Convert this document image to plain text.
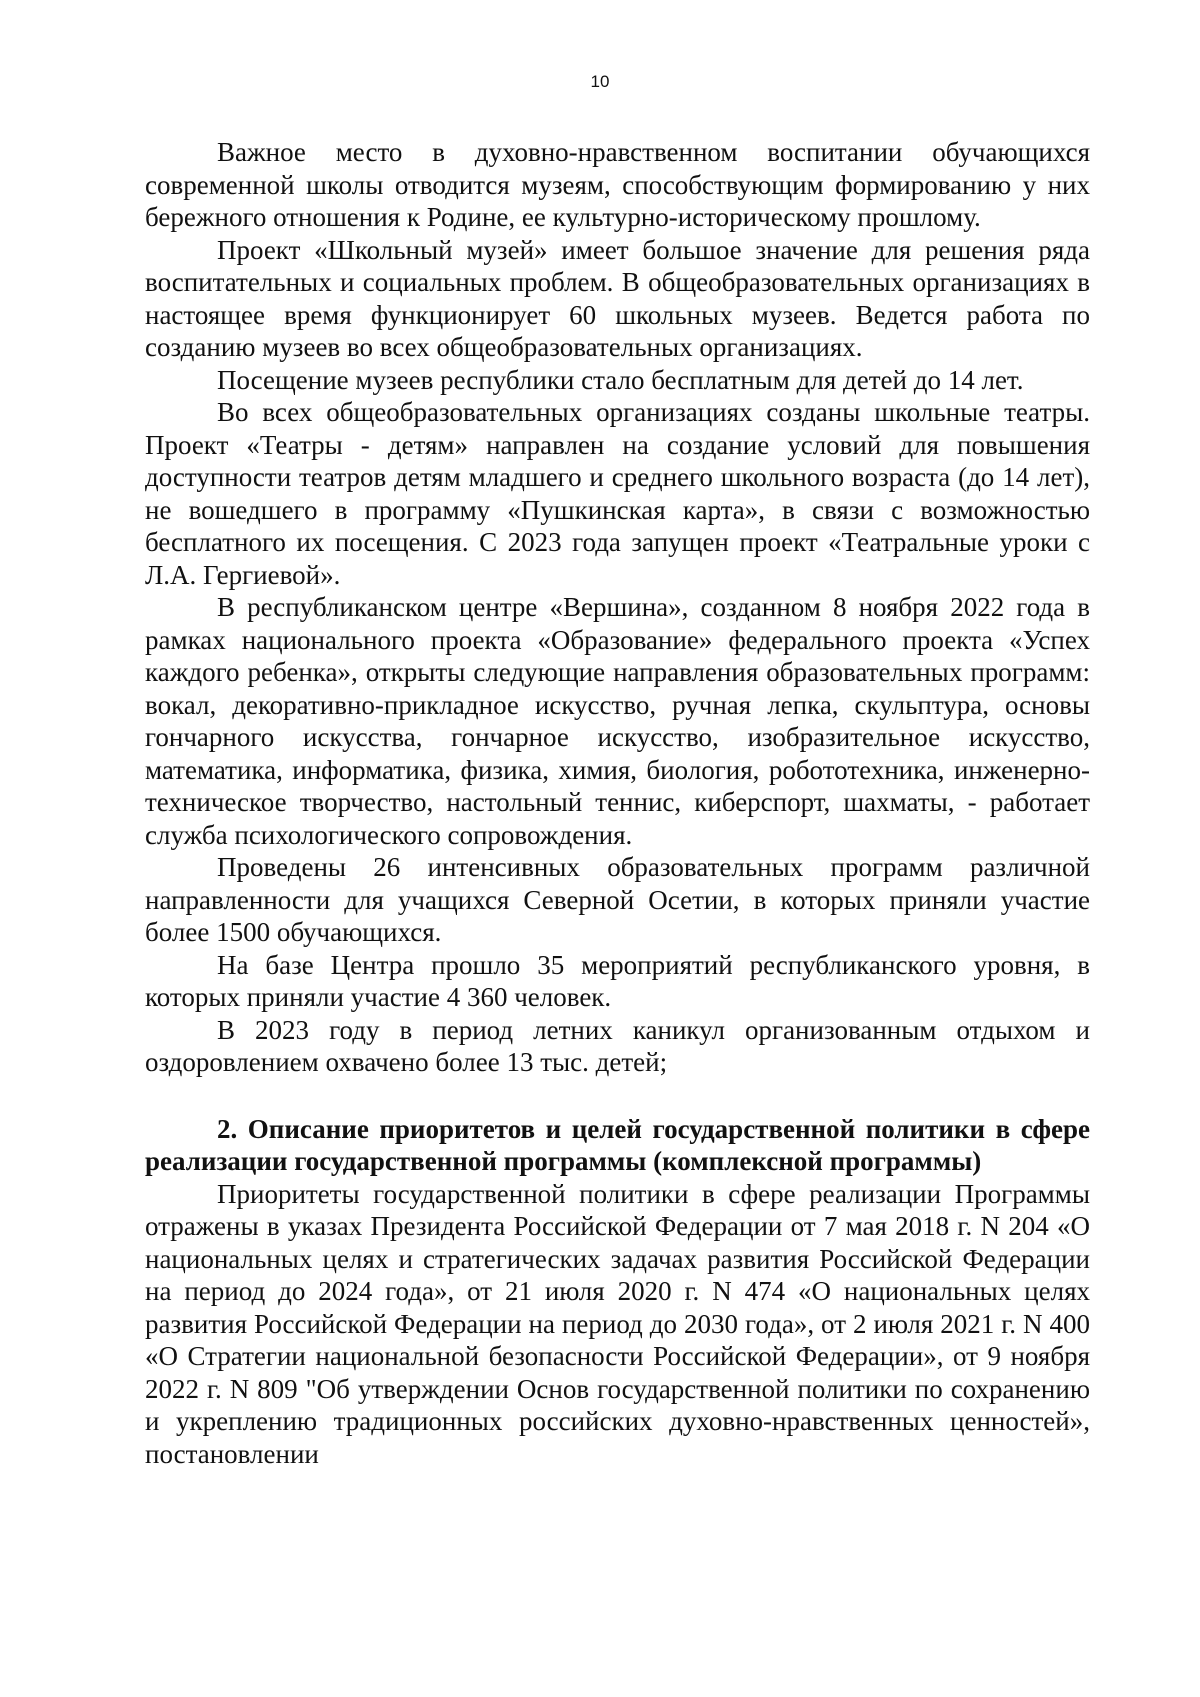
10

Важное место в духовно-нравственном воспитании обучающихся современной школы отводится музеям, способствующим формированию у них бережного отношения к Родине, ее культурно-историческому прошлому.

Проект «Школьный музей» имеет большое значение для решения ряда воспитательных и социальных проблем. В общеобразовательных организациях в настоящее время функционирует 60 школьных музеев. Ведется работа по созданию музеев во всех общеобразовательных организациях.

Посещение музеев республики стало бесплатным для детей до 14 лет.

Во всех общеобразовательных организациях созданы школьные театры. Проект «Театры - детям» направлен на создание условий для повышения доступности театров детям младшего и среднего школьного возраста (до 14 лет), не вошедшего в программу «Пушкинская карта», в связи с возможностью бесплатного их посещения. С 2023 года запущен проект «Театральные уроки с Л.А. Гергиевой».

В республиканском центре «Вершина», созданном 8 ноября 2022 года в рамках национального проекта «Образование» федерального проекта «Успех каждого ребенка», открыты следующие направления образовательных программ: вокал, декоративно-прикладное искусство, ручная лепка, скульптура, основы гончарного искусства, гончарное искусство, изобразительное искусство, математика, информатика, физика, химия, биология, робототехника, инженерно-техническое творчество, настольный теннис, киберспорт, шахматы, - работает служба психологического сопровождения.

Проведены 26 интенсивных образовательных программ различной направленности для учащихся Северной Осетии, в которых приняли участие более 1500 обучающихся.

На базе Центра прошло 35 мероприятий республиканского уровня, в которых приняли участие 4 360 человек.

В 2023 году в период летних каникул организованным отдыхом и оздоровлением охвачено более 13 тыс. детей;

2. Описание приоритетов и целей государственной политики в сфере реализации государственной программы (комплексной программы)

Приоритеты государственной политики в сфере реализации Программы отражены в указах Президента Российской Федерации от 7 мая 2018 г. N 204 «О национальных целях и стратегических задачах развития Российской Федерации на период до 2024 года», от 21 июля 2020 г. N 474 «О национальных целях развития Российской Федерации на период до 2030 года», от 2 июля 2021 г. N 400 «О Стратегии национальной безопасности Российской Федерации», от 9 ноября 2022 г. N 809 "Об утверждении Основ государственной политики по сохранению и укреплению традиционных российских духовно-нравственных ценностей», постановлении
